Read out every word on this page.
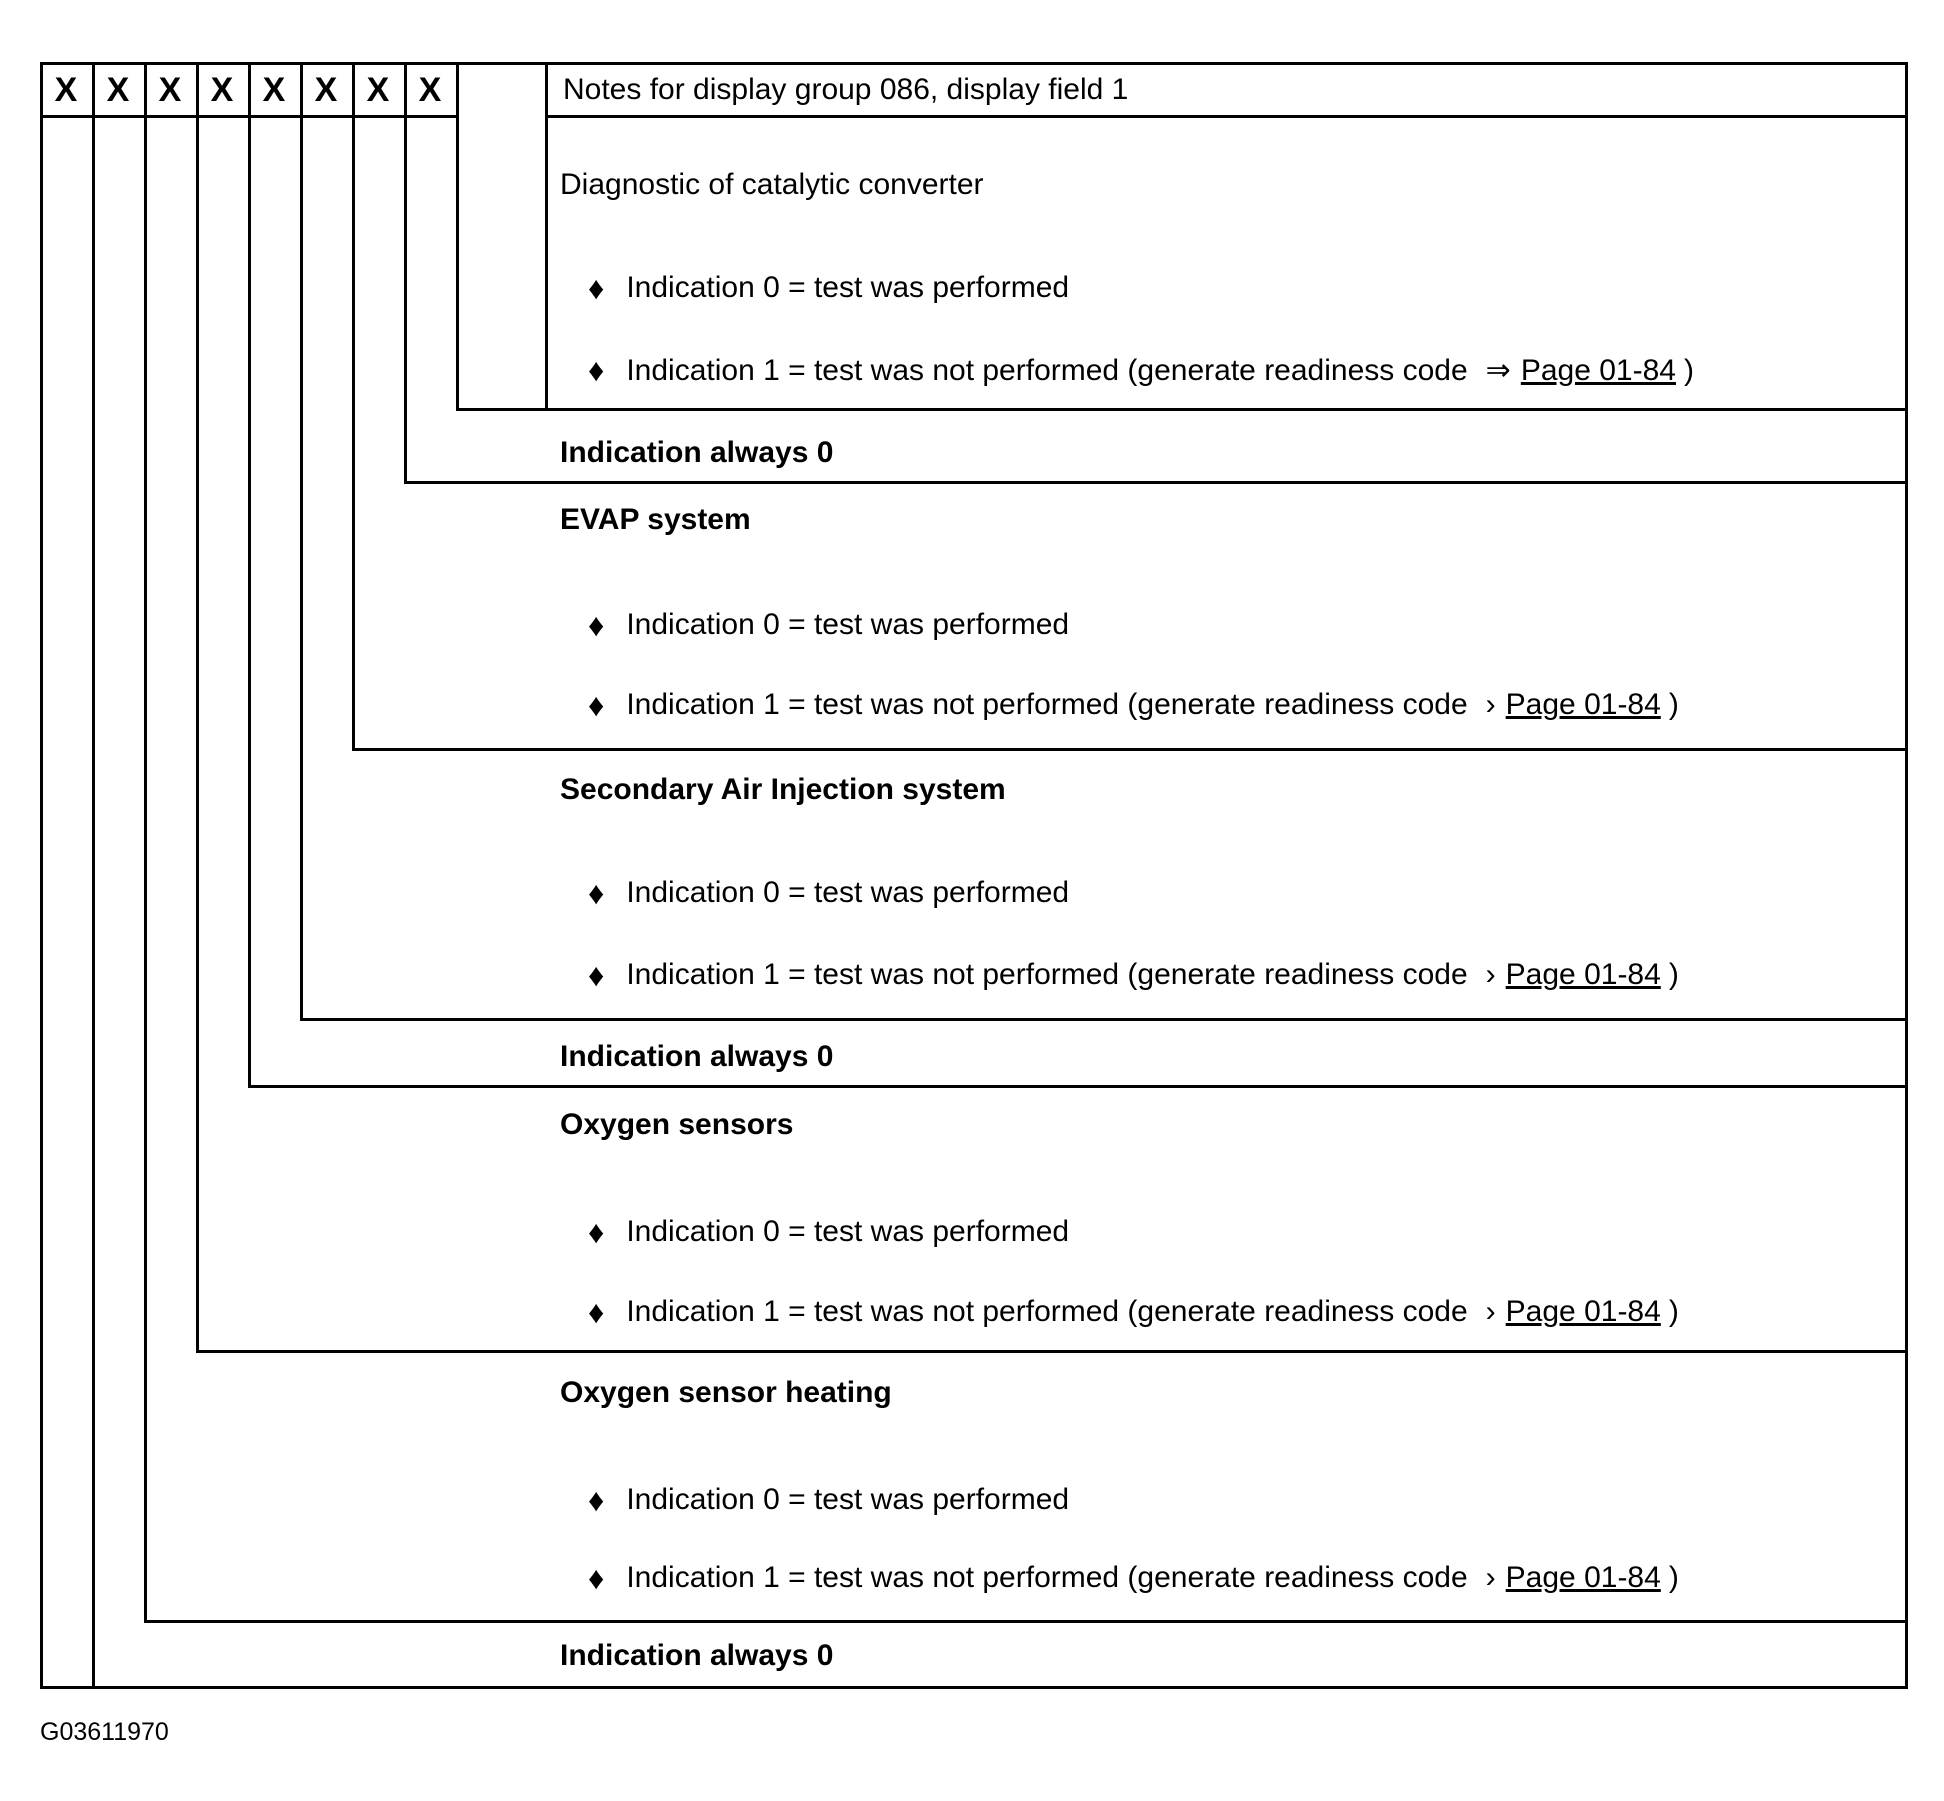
X X X X X X X X	Notes for display group 086, display field 1
Diagnostic of catalytic converter
♦ Indication 0 = test was performed
♦ Indication 1 = test was not performed (generate readiness code ⇒ Page 01-84 )
Indication always 0
EVAP system
♦ Indication 0 = test was performed
♦ Indication 1 = test was not performed (generate readiness code › Page 01-84 )
Secondary Air Injection system
♦ Indication 0 = test was performed
♦ Indication 1 = test was not performed (generate readiness code › Page 01-84 )
Indication always 0
Oxygen sensors
♦ Indication 0 = test was performed
♦ Indication 1 = test was not performed (generate readiness code › Page 01-84 )
Oxygen sensor heating
♦ Indication 0 = test was performed
♦ Indication 1 = test was not performed (generate readiness code › Page 01-84 )
Indication always 0
G03611970
